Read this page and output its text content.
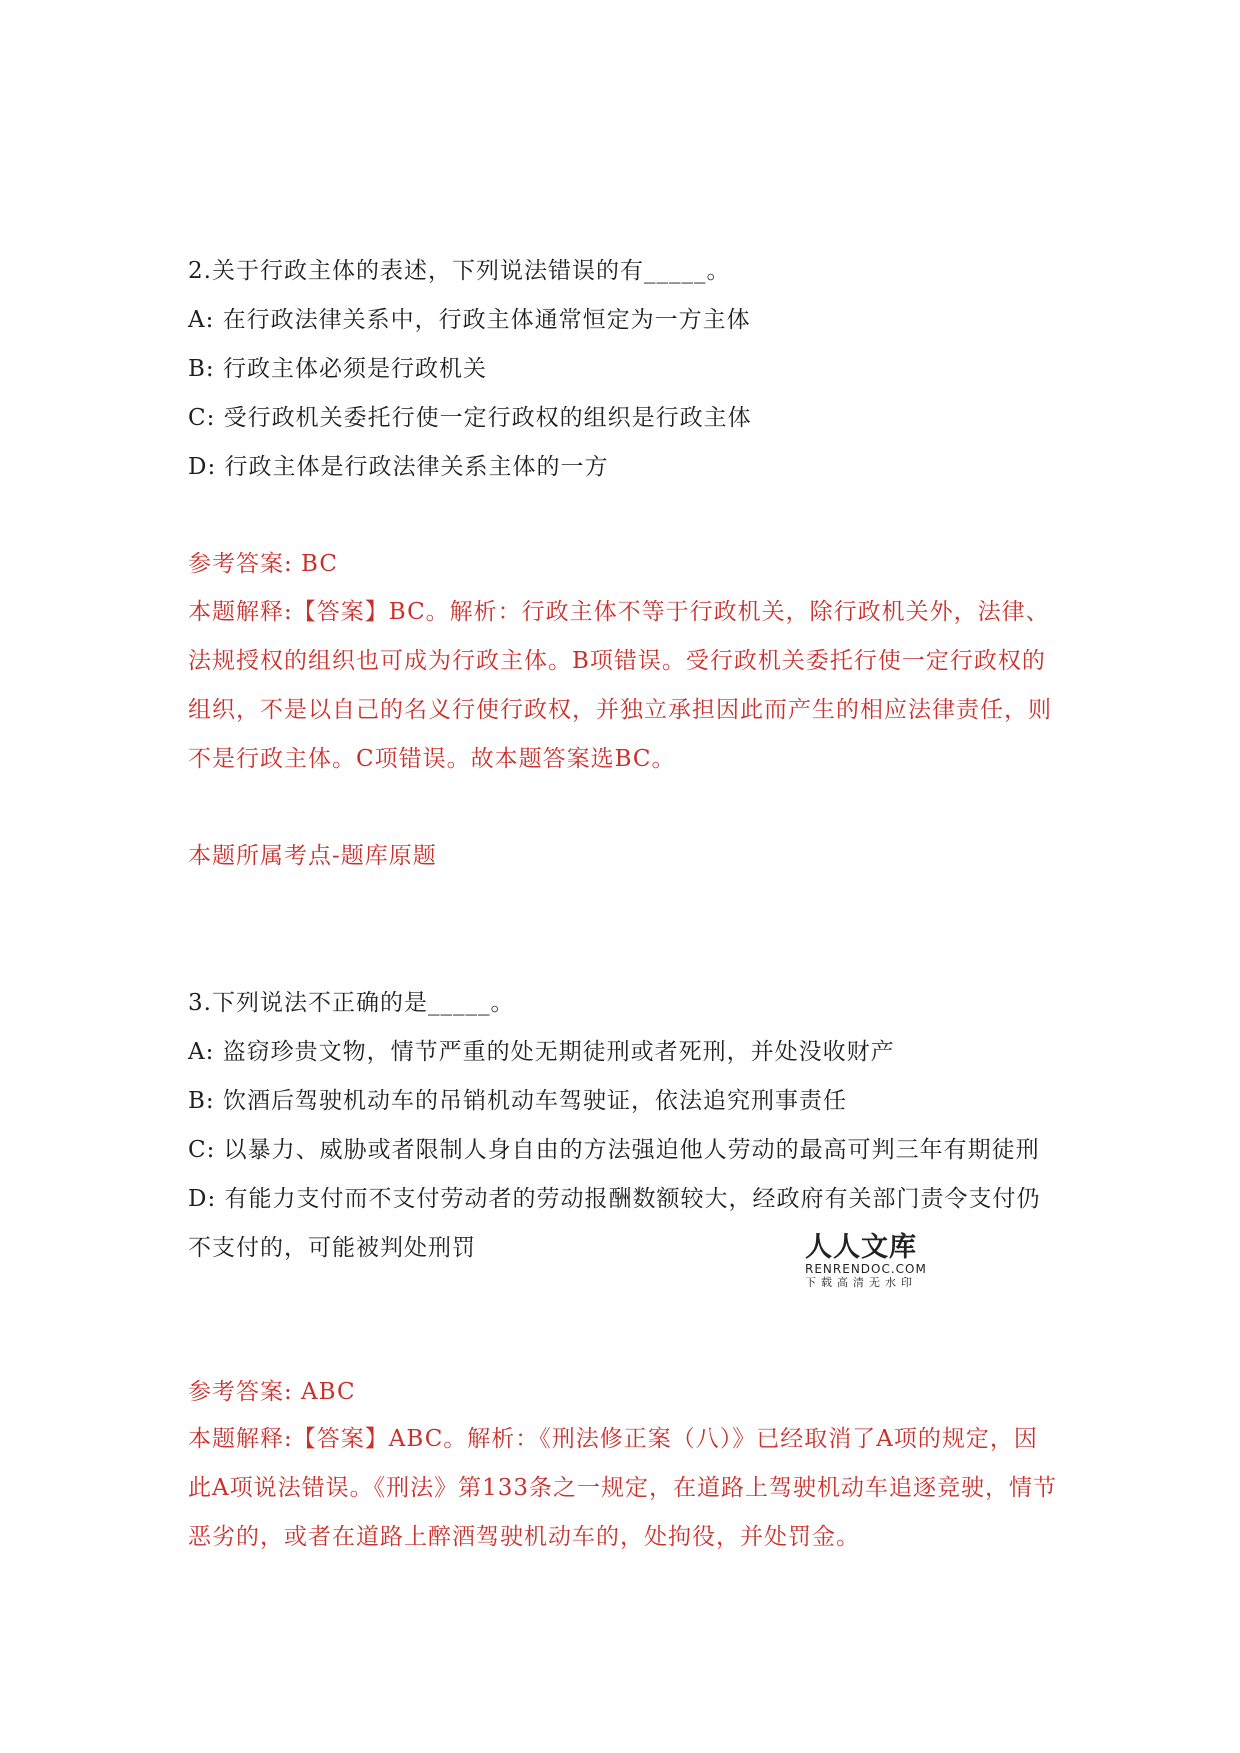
2.关于行政主体的表述，下列说法错误的有_____。
A: 在行政法律关系中，行政主体通常恒定为一方主体
B: 行政主体必须是行政机关
C: 受行政机关委托行使一定行政权的组织是行政主体
D: 行政主体是行政法律关系主体的一方
参考答案: BC
本题解释:【答案】BC。解析：行政主体不等于行政机关，除行政机关外，法律、法规授权的组织也可成为行政主体。B项错误。受行政机关委托行使一定行政权的组织，不是以自己的名义行使行政权，并独立承担因此而产生的相应法律责任，则不是行政主体。C项错误。故本题答案选BC。
本题所属考点-题库原题
3.下列说法不正确的是_____。
A: 盗窃珍贵文物，情节严重的处无期徒刑或者死刑，并处没收财产
B: 饮酒后驾驶机动车的吊销机动车驾驶证，依法追究刑事责任
C: 以暴力、威胁或者限制人身自由的方法强迫他人劳动的最高可判三年有期徒刑
D: 有能力支付而不支付劳动者的劳动报酬数额较大，经政府有关部门责令支付仍不支付的，可能被判处刑罚
参考答案: ABC
本题解释:【答案】ABC。解析：《刑法修正案（八）》已经取消了A项的规定，因此A项说法错误。《刑法》第133条之一规定，在道路上驾驶机动车追逐竞驶，情节恶劣的，或者在道路上醉酒驾驶机动车的，处拘役，并处罚金。
人人文库
RENRENDOC.COM
下载高清无水印
